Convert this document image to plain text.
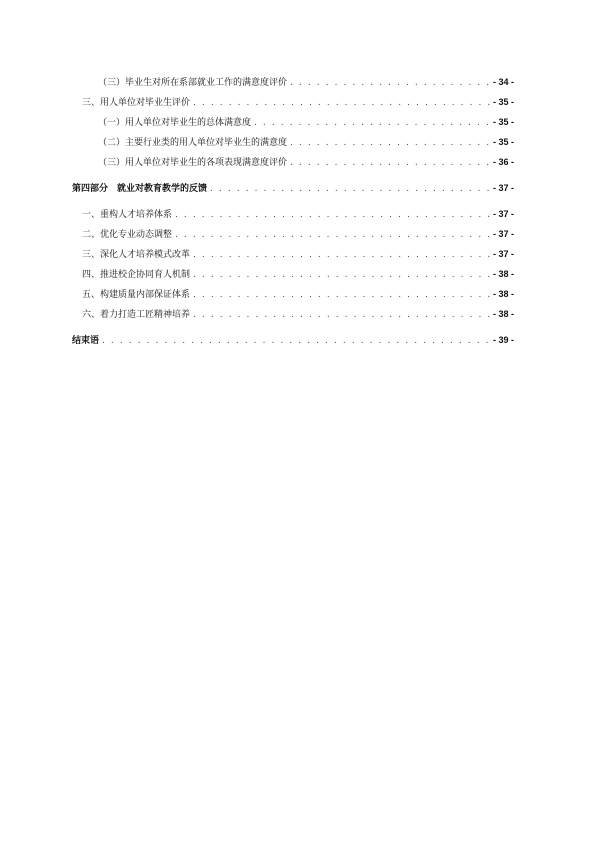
（三）毕业生对所在系部就业工作的满意度评价 . . .	- 34 -
三、用人单位对毕业生评价 . . .	- 35 -
（一）用人单位对毕业生的总体满意度 . . .	- 35 -
（二）主要行业类的用人单位对毕业生的满意度 . . .	- 35 -
（三）用人单位对毕业生的各项表现满意度评价 . . .	- 36 -
第四部分　就业对教育教学的反馈 . . .	- 37 -
一、重构人才培养体系 . . .	- 37 -
二、优化专业动态调整 . . .	- 37 -
三、深化人才培养模式改革 . . .	- 37 -
四、推进校企协同育人机制 . . .	- 38 -
五、构建质量内部保证体系 . . .	- 38 -
六、着力打造工匠精神培养 . . .	- 38 -
结束语 . . .	- 39 -
